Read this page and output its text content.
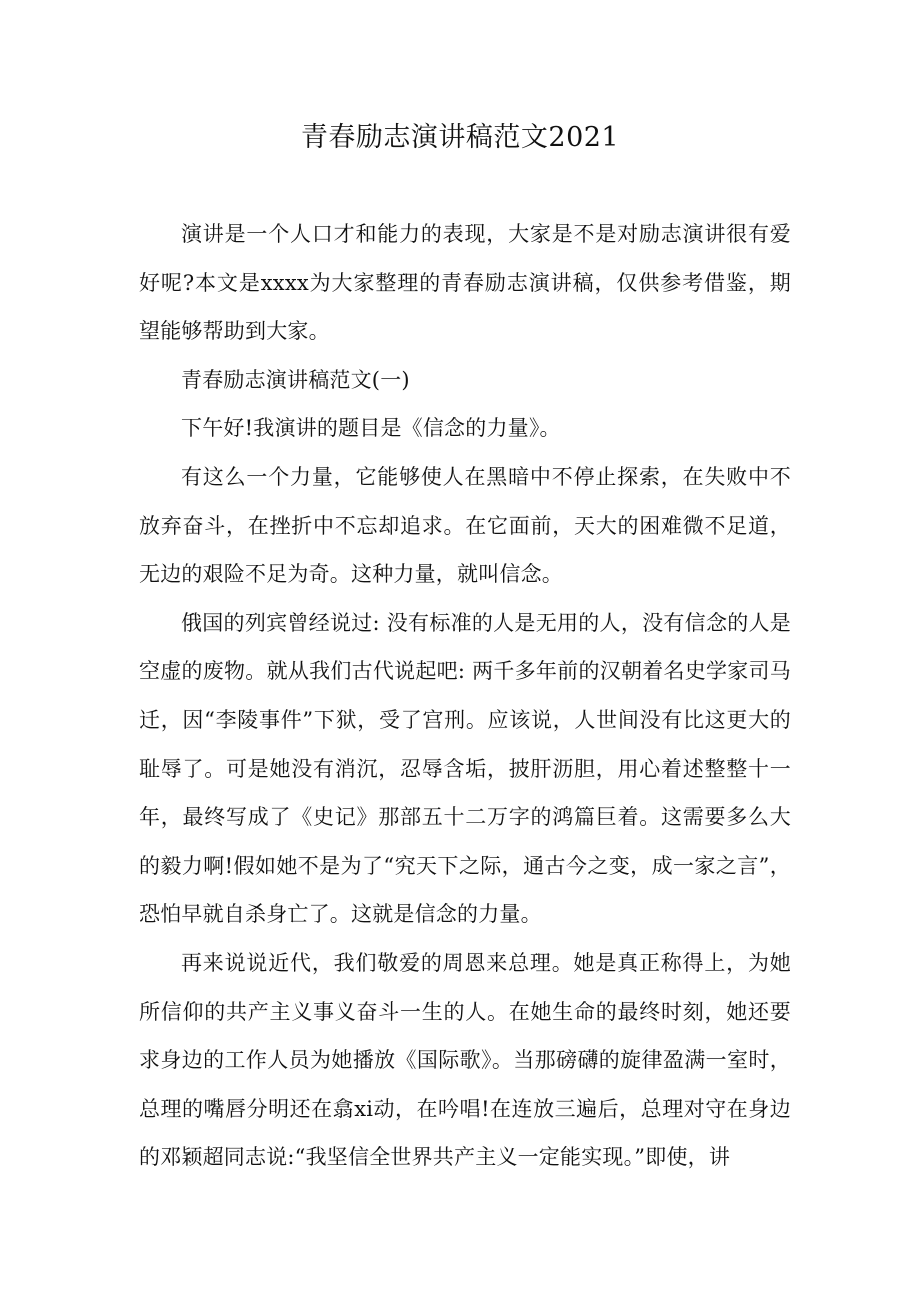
青春励志演讲稿范文2021

演讲是一个人口才和能力的表现，大家是不是对励志演讲很有爱好呢?本文是xxxx为大家整理的青春励志演讲稿，仅供参考借鉴，期望能够帮助到大家。

青春励志演讲稿范文(一)

下午好!我演讲的题目是《信念的力量》。

有这么一个力量，它能够使人在黑暗中不停止探索，在失败中不放弃奋斗，在挫折中不忘却追求。在它面前，天大的困难微不足道，无边的艰险不足为奇。这种力量，就叫信念。

俄国的列宾曾经说过: 没有标准的人是无用的人，没有信念的人是空虚的废物。就从我们古代说起吧: 两千多年前的汉朝着名史学家司马迁，因“李陵事件”下狱，受了宫刑。应该说，人世间没有比这更大的耻辱了。可是她没有消沉，忍辱含垢，披肝沥胆，用心着述整整十一年，最终写成了《史记》那部五十二万字的鸿篇巨着。这需要多么大的毅力啊!假如她不是为了“究天下之际，通古今之变，成一家之言”，恐怕早就自杀身亡了。这就是信念的力量。

再来说说近代，我们敬爱的周恩来总理。她是真正称得上，为她所信仰的共产主义事义奋斗一生的人。在她生命的最终时刻，她还要求身边的工作人员为她播放《国际歌》。当那磅礴的旋律盈满一室时，总理的嘴唇分明还在翕xi动，在吟唱!在连放三遍后，总理对守在身边的邓颖超同志说:“我坚信全世界共产主义一定能实现。”即使，讲
